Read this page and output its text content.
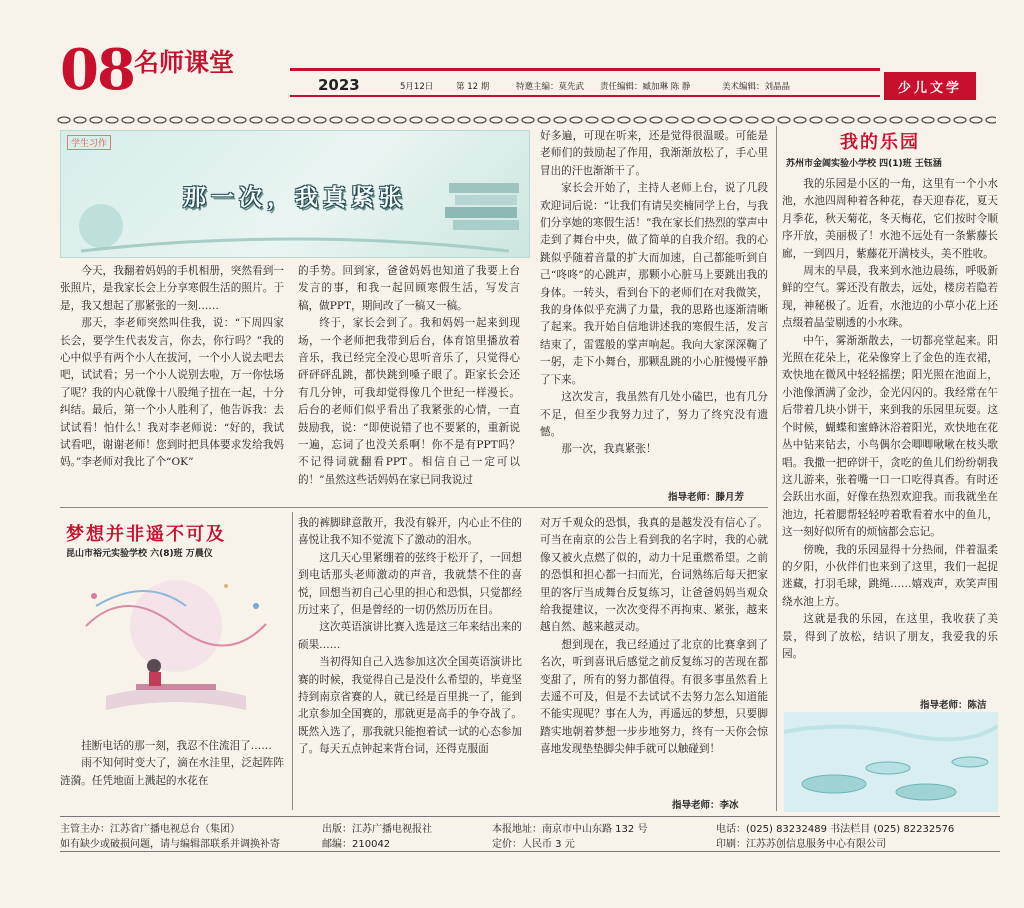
08 名师课堂
2023	5月12日	第 12 期	特邀主编：莫先武 责任编辑：臧加琳 陈 静	美术编辑：刘晶晶	少儿文学
学生习作
那一次，我真紧张

今天，我翻着妈妈的手机相册，突然看到一张照片，是我家长会上分享寒假生活的照片。于是，我又想起了那紧张的一刻……

那天，李老师突然叫住我，说：“下周四家长会，要学生代表发言，你去，你行吗？”我的心中似乎有两个小人在拔河，一个小人说去吧去吧，试试看；另一个小人说别去啦，万一你怯场了呢？我的内心就像十八股绳子扭在一起，十分纠结。最后，第一个小人胜利了，他告诉我：去试试看！怕什么！我对李老师说：“好的，我试试看吧，谢谢老师！您到时把具体要求发给我妈妈。”李老师对我比了个“OK”

的手势。回到家，爸爸妈妈也知道了我要上台发言的事，和我一起回顾寒假生活，写发言稿，做PPT，期间改了一稿又一稿。

终于，家长会到了。我和妈妈一起来到现场，一个老师把我带到后台，体育馆里播放着音乐，我已经完全没心思听音乐了，只觉得心砰砰砰乱跳，都快跳到嗓子眼了。距家长会还有几分钟，可我却觉得像几个世纪一样漫长。后台的老师们似乎看出了我紧张的心情，一直鼓励我，说：“即使说错了也不要紧的，重新说一遍，忘词了也没关系啊！你不是有PPT吗？不记得词就翻看PPT。相信自己一定可以的！”虽然这些话妈妈在家已同我说过

好多遍，可现在听来，还是觉得很温暖。可能是老师们的鼓励起了作用，我渐渐放松了，手心里冒出的汗也渐渐干了。

家长会开始了，主持人老师上台，说了几段欢迎词后说：“让我们有请吴奕楠同学上台，与我们分享她的寒假生活！”我在家长们热烈的掌声中走到了舞台中央，做了简单的自我介绍。我的心跳似乎随着音量的扩大而加速，自己都能听到自己“咚咚”的心跳声，那颗小心脏马上要跳出我的身体。一转头，看到台下的老师们在对我微笑，我的身体似乎充满了力量，我的思路也逐渐清晰了起来。我开始自信地讲述我的寒假生活，发言结束了，雷霆般的掌声响起。我向大家深深鞠了一躬，走下小舞台，那颗乱跳的小心脏慢慢平静了下来。

这次发言，我虽然有几处小磕巴，也有几分不足，但至少我努力过了，努力了终究没有遗憾。

那一次，我真紧张！

指导老师：滕月芳
梦想并非遥不可及
昆山市裕元实验学校 六(8)班 万晨仪

挂断电话的那一刻，我忍不住流泪了……

雨不知何时变大了，滴在水洼里，泛起阵阵涟漪。任凭地面上溅起的水花在

我的裤脚肆意散开，我没有躲开，内心止不住的喜悦让我不知不觉流下了激动的泪水。

这几天心里紧绷着的弦终于松开了，一回想到电话那头老师激动的声音，我就禁不住的喜悦，回想当初自己心里的担心和恐惧，只觉都经历过来了，但是曾经的一切仍然历历在目。

这次英语演讲比赛入选是这三年来结出来的硕果……

当初得知自己入选参加这次全国英语演讲比赛的时候，我觉得自己是没什么希望的，毕竟坚持到南京省赛的人，就已经是百里挑一了，能到北京参加全国赛的，那就更是高手的争夺战了。既然入选了，那我就只能抱着试一试的心态参加了。每天五点钟起来背台词，还得克服面

对万千观众的恐惧，我真的是越发没有信心了。可当在南京的公告上看到我的名字时，我的心就像又被火点燃了似的，动力十足重燃希望。之前的恐惧和担心都一扫而光，台词熟练后每天把家里的客厅当成舞台反复练习，让爸爸妈妈当观众给我提建议，一次次变得不再拘束、紧张，越来越自然、越来越灵动。

想到现在，我已经通过了北京的比赛拿到了名次，听到喜讯后感觉之前反复练习的苦现在都变甜了，所有的努力都值得。有很多事虽然看上去遥不可及，但是不去试试不去努力怎么知道能不能实现呢？事在人为，再遥远的梦想，只要脚踏实地朝着梦想一步步地努力，终有一天你会惊喜地发现垫垫脚尖伸手就可以触碰到！

指导老师：李冰
我的乐园
苏州市金阊实验小学校 四(1)班 王钰涵

我的乐园是小区的一角，这里有一个小水池，水池四周种着各种花，春天迎春花，夏天月季花，秋天菊花，冬天梅花，它们按时令顺序开放，美丽极了！水池不远处有一条紫藤长廊，一到四月，紫藤花开满枝头，美不胜收。

周末的早晨，我来到水池边晨练，呼吸新鲜的空气。雾还没有散去，远处，楼房若隐若现，神秘极了。近看，水池边的小草小花上还点缀着晶莹剔透的小水珠。

中午，雾渐渐散去，一切都亮堂起来。阳光照在花朵上，花朵像穿上了金色的连衣裙，欢快地在微风中轻轻摇摆；阳光照在池面上，小池像洒满了金沙，金光闪闪的。我经常在午后带着几块小饼干，来到我的乐园里玩耍。这个时候，蝴蝶和蜜蜂沐浴着阳光，欢快地在花丛中钻来钻去，小鸟偶尔会唧唧啾啾在枝头歌唱。我撒一把碎饼干，贪吃的鱼儿们纷纷朝我这儿游来，张着嘴一口一口吃得真香。有时还会跃出水面，好像在热烈欢迎我。而我就坐在池边，托着腮帮轻轻哼着歌看着水中的鱼儿，这一刻好似所有的烦恼都会忘记。

傍晚，我的乐园显得十分热闹，伴着温柔的夕阳，小伙伴们也来到了这里，我们一起捉迷藏，打羽毛球，跳绳……嬉戏声，欢笑声围绕水池上方。

这就是我的乐园，在这里，我收获了美景，得到了放松，结识了朋友，我爱我的乐园。

指导老师：陈洁
主管主办：江苏省广播电视总台（集团）	出版：江苏广播电视报社	本报地址：南京市中山东路 132 号	电话：(025) 83232489 书法栏目 (025) 82232576
如有缺少或破损问题，请与编辑部联系并调换补寄	邮编：210042	定价：人民币 3 元	印刷：江苏苏创信息服务中心有限公司
